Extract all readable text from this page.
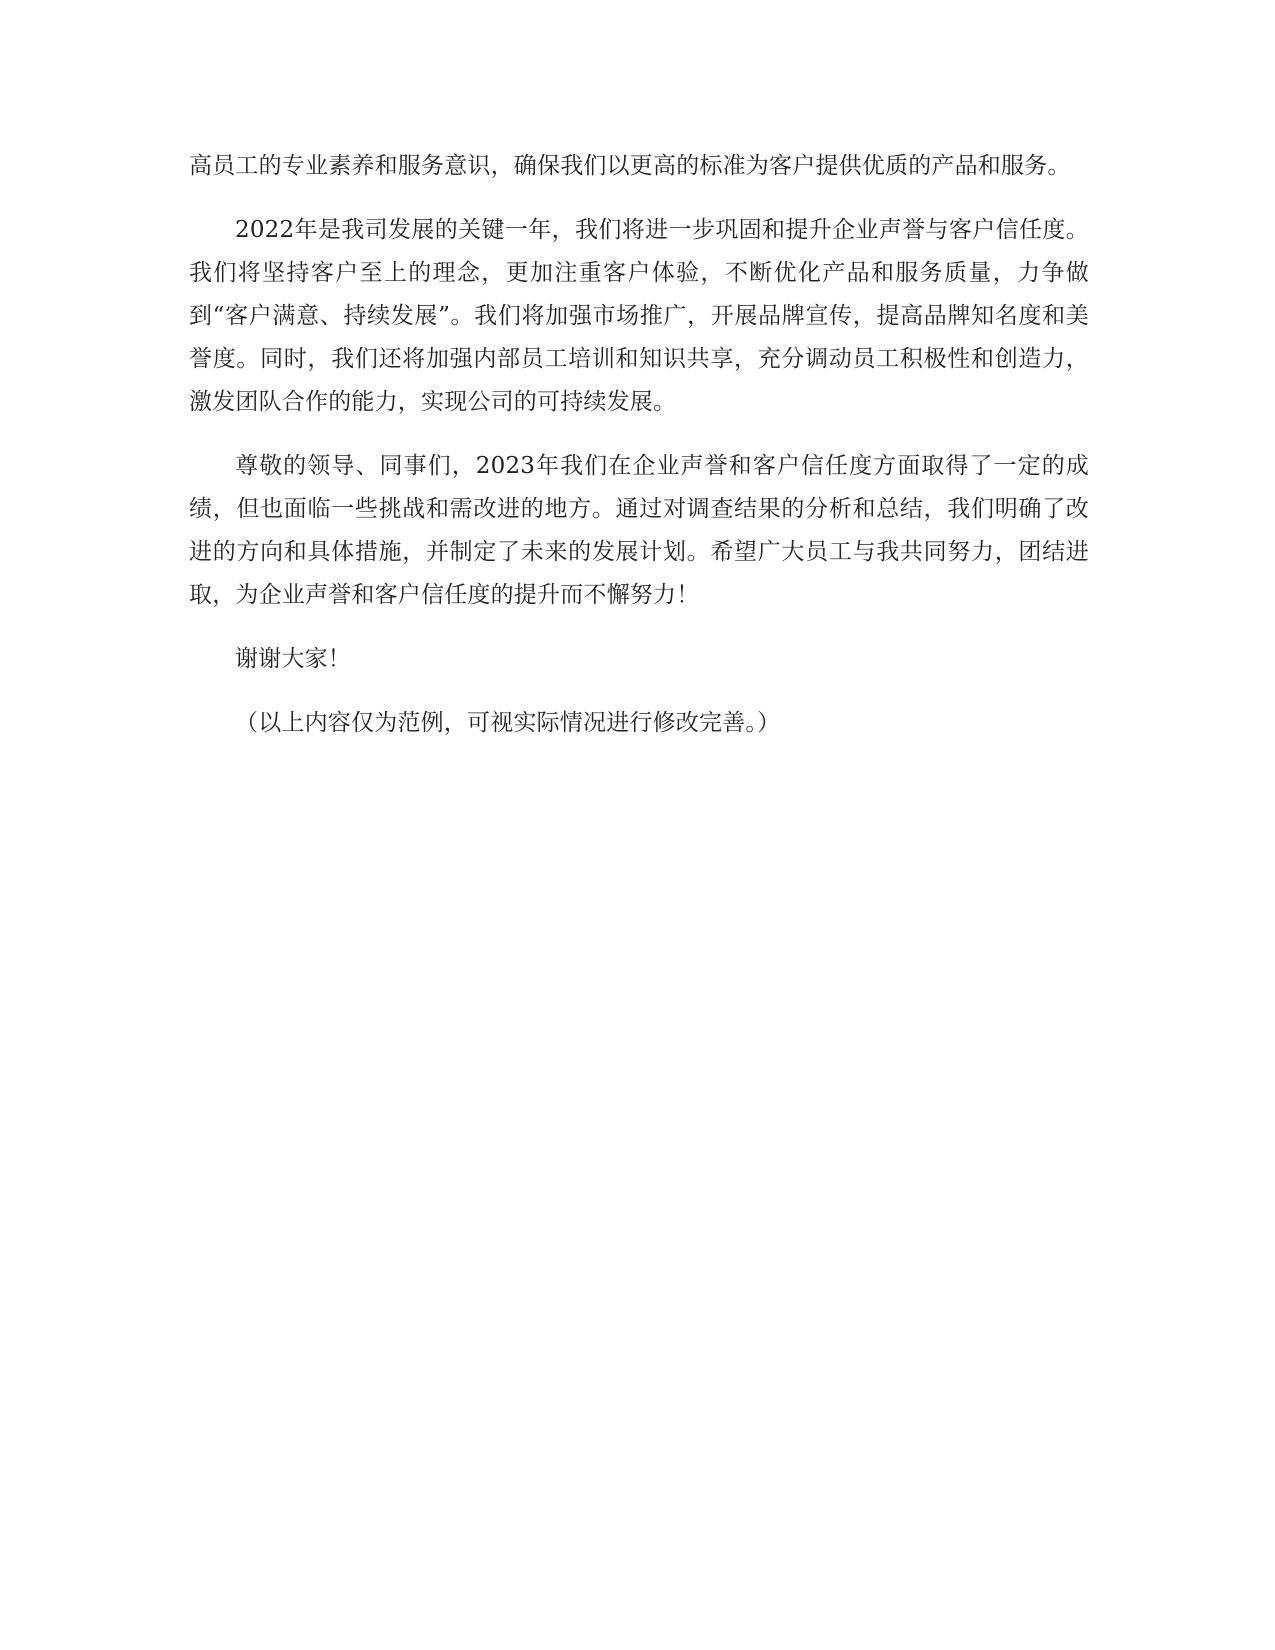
高员工的专业素养和服务意识，确保我们以更高的标准为客户提供优质的产品和服务。

2022年是我司发展的关键一年，我们将进一步巩固和提升企业声誉与客户信任度。我们将坚持客户至上的理念，更加注重客户体验，不断优化产品和服务质量，力争做到“客户满意、持续发展”。我们将加强市场推广，开展品牌宣传，提高品牌知名度和美誉度。同时，我们还将加强内部员工培训和知识共享，充分调动员工积极性和创造力，激发团队合作的能力，实现公司的可持续发展。

尊敬的领导、同事们，2023年我们在企业声誉和客户信任度方面取得了一定的成绩，但也面临一些挑战和需改进的地方。通过对调查结果的分析和总结，我们明确了改进的方向和具体措施，并制定了未来的发展计划。希望广大员工与我共同努力，团结进取，为企业声誉和客户信任度的提升而不懈努力！

谢谢大家！

（以上内容仅为范例，可视实际情况进行修改完善。）
